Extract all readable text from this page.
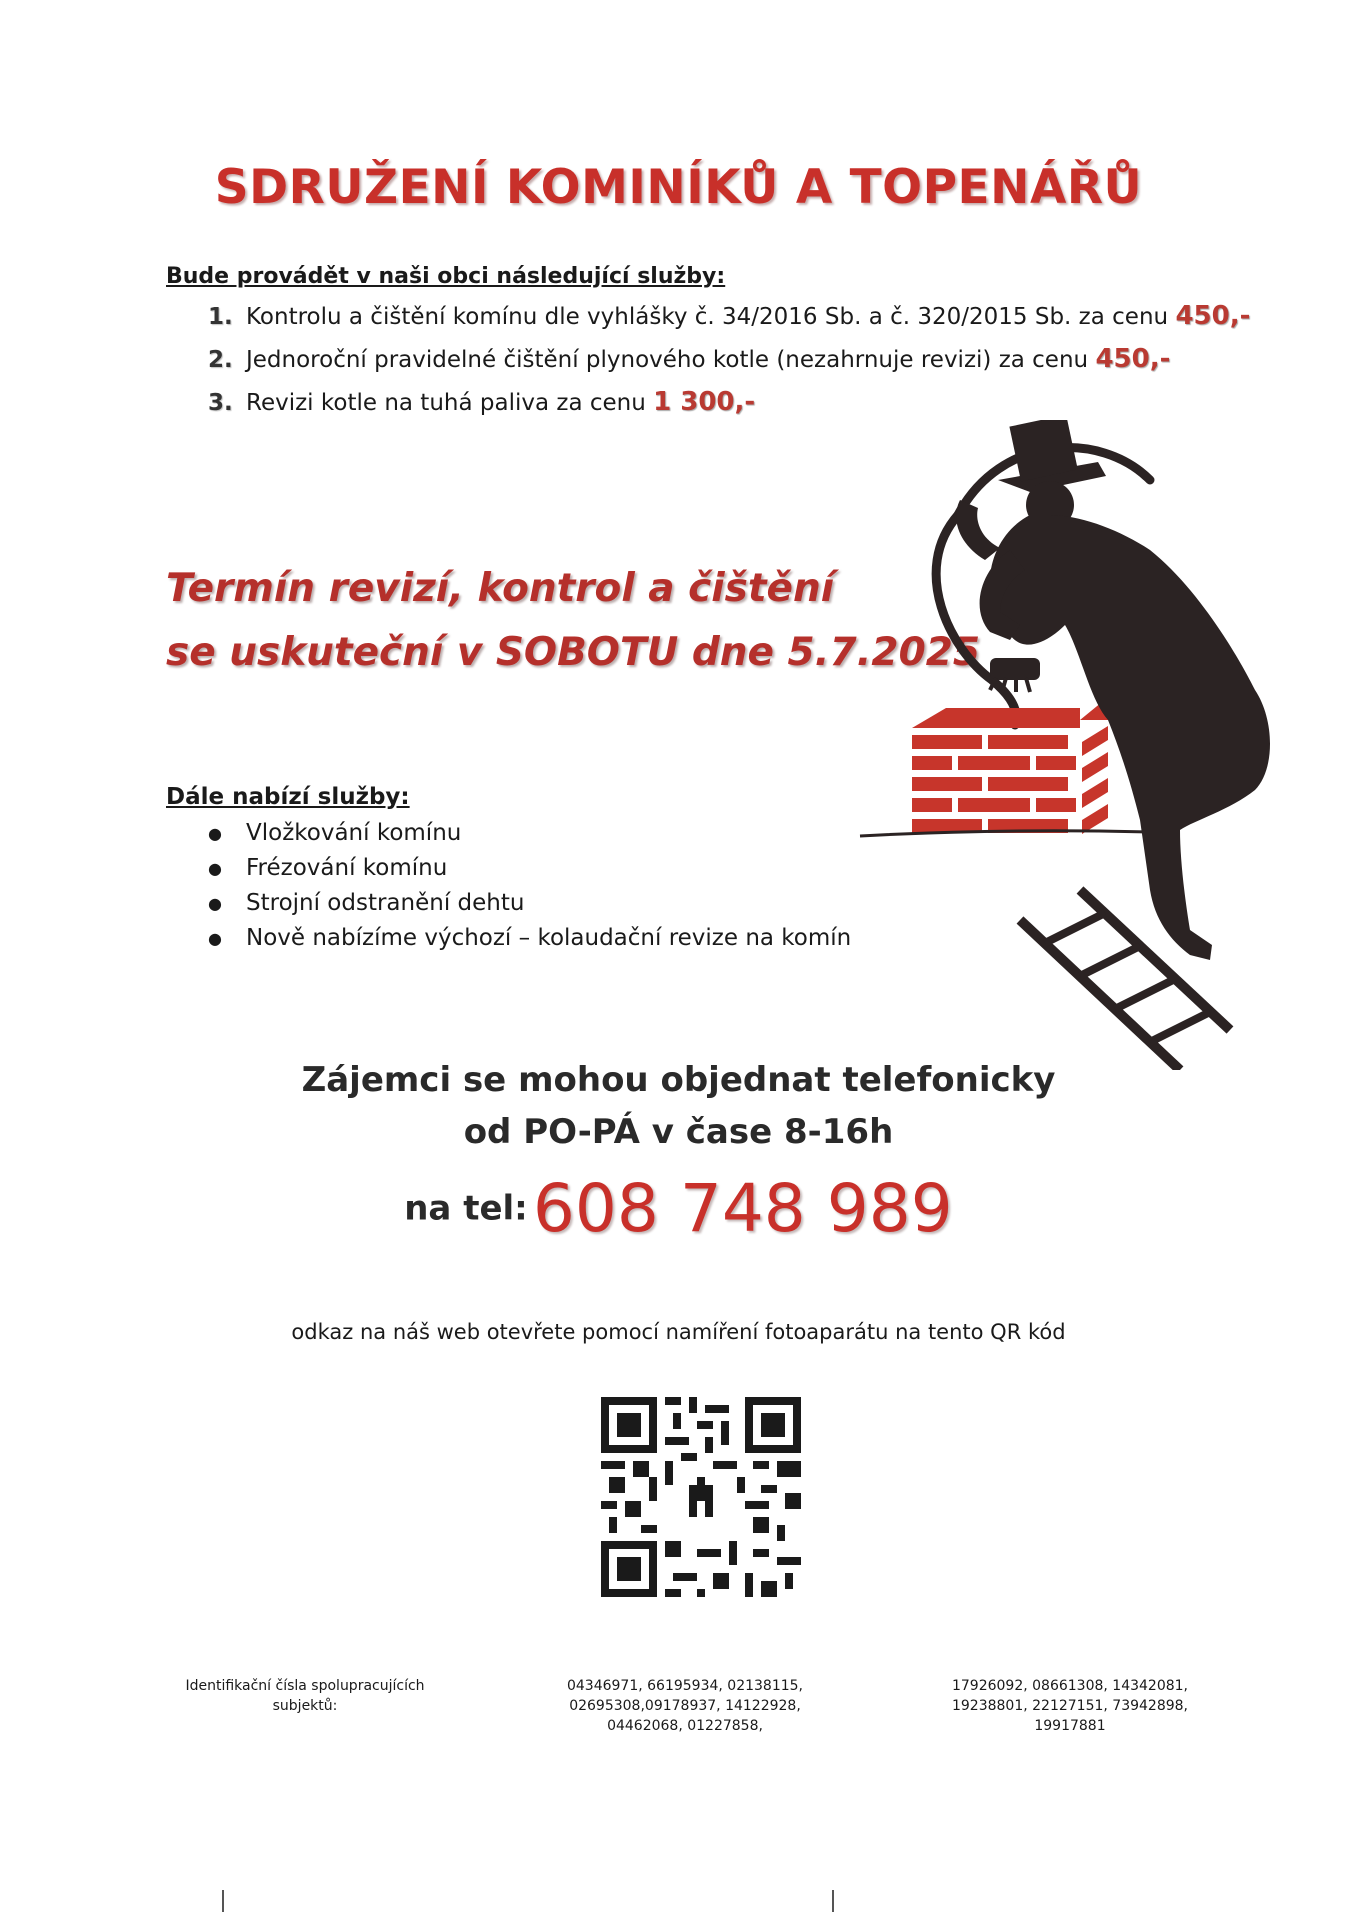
SDRUŽENÍ KOMINÍKŮ A TOPENÁŘŮ
Bude provádět v naši obci následující služby:
1. Kontrolu a čištění komínu dle vyhlášky č. 34/2016 Sb. a č. 320/2015 Sb. za cenu 450,-
2. Jednoroční pravidelné čištění plynového kotle (nezahrnuje revizi) za cenu 450,-
3. Revizi kotle na tuhá paliva za cenu 1 300,-
Termín revizí, kontrol a čištění
se uskuteční v SOBOTU dne 5.7.2025
Dále nabízí služby:
● Vložkování komínu
● Frézování komínu
● Strojní odstranění dehtu
● Nově nabízíme výchozí – kolaudační revize na komín
Zájemci se mohou objednat telefonicky
od PO-PÁ v čase 8-16h
na tel: 608 748 989
odkaz na náš web otevřete pomocí namíření fotoaparátu na tento QR kód
Identifikační čísla spolupracujících
subjektů:
04346971, 66195934, 02138115,
02695308,09178937, 14122928,
04462068, 01227858,
17926092, 08661308, 14342081,
19238801, 22127151, 73942898,
19917881
